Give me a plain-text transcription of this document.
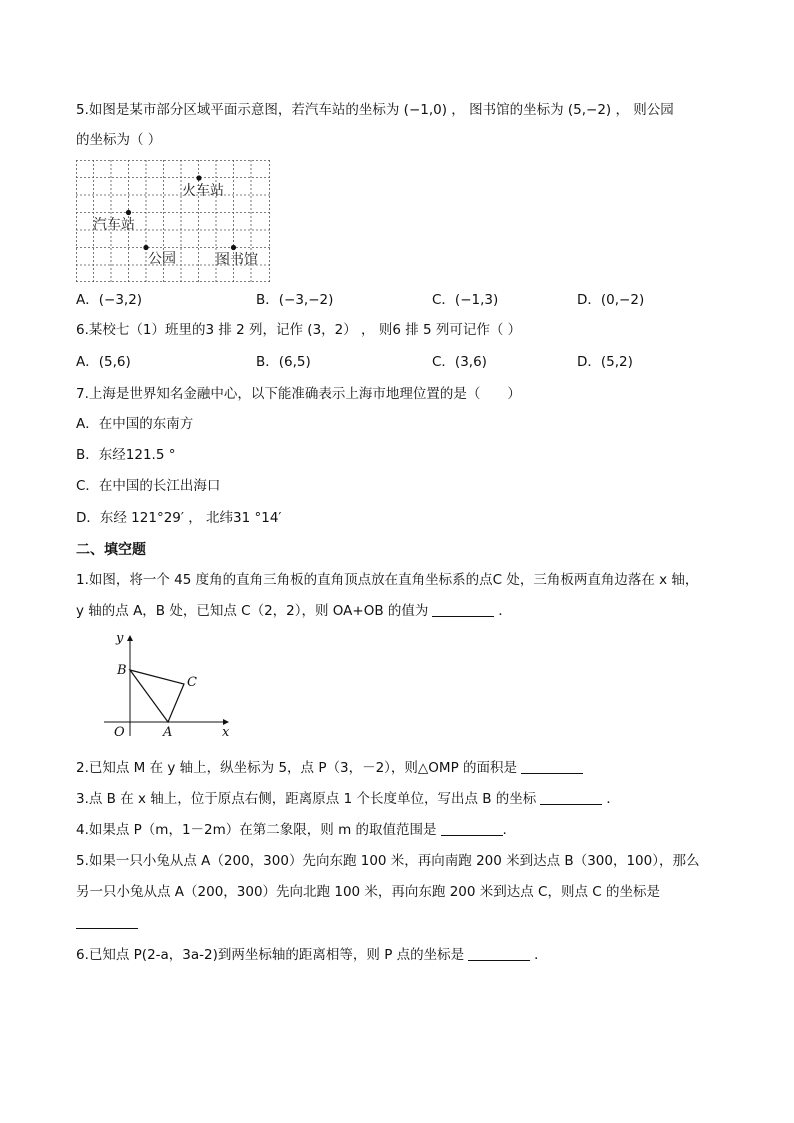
5.如图是某市部分区域平面示意图，若汽车站的坐标为 (−1,0) ， 图书馆的坐标为 (5,−2) ， 则公园
的坐标为（ ）
火车站
汽车站
公园	图书馆
A．(−3,2)	B．(−3,−2)	C．(−1,3)	D．(0,−2)
6.某校七（1）班里的3 排 2 列，记作 (3，2） ， 则6 排 5 列可记作（ ）
A．(5,6)	B．(6,5)	C．(3,6)	D．(5,2)
7.上海是世界知名金融中心，以下能准确表示上海市地理位置的是（　　）
A．在中国的东南方
B．东经121.5 °
C．在中国的长江出海口
D．东经 121°29′ ， 北纬31 °14′
二、填空题
1.如图，将一个 45 度角的直角三角板的直角顶点放在直角坐标系的点C 处，三角板两直角边落在 x 轴，
y 轴的点 A，B 处，已知点 C（2，2），则 OA+OB 的值为	．
y
x
O	A
B
C
2.已知点 M 在 y 轴上，纵坐标为 5，点 P（3，－2），则△OMP 的面积是
3.点 B 在 x 轴上，位于原点右侧，距离原点 1 个长度单位，写出点 B 的坐标	．
4.如果点 P（m，1－2m）在第二象限，则 m 的取值范围是	.
5.如果一只小兔从点 A（200，300）先向东跑 100 米，再向南跑 200 米到达点 B（300，100），那么
另一只小兔从点 A（200，300）先向北跑 100 米，再向东跑 200 米到达点 C，则点 C 的坐标是
6.已知点 P(2-a，3a-2)到两坐标轴的距离相等，则 P 点的坐标是	．
